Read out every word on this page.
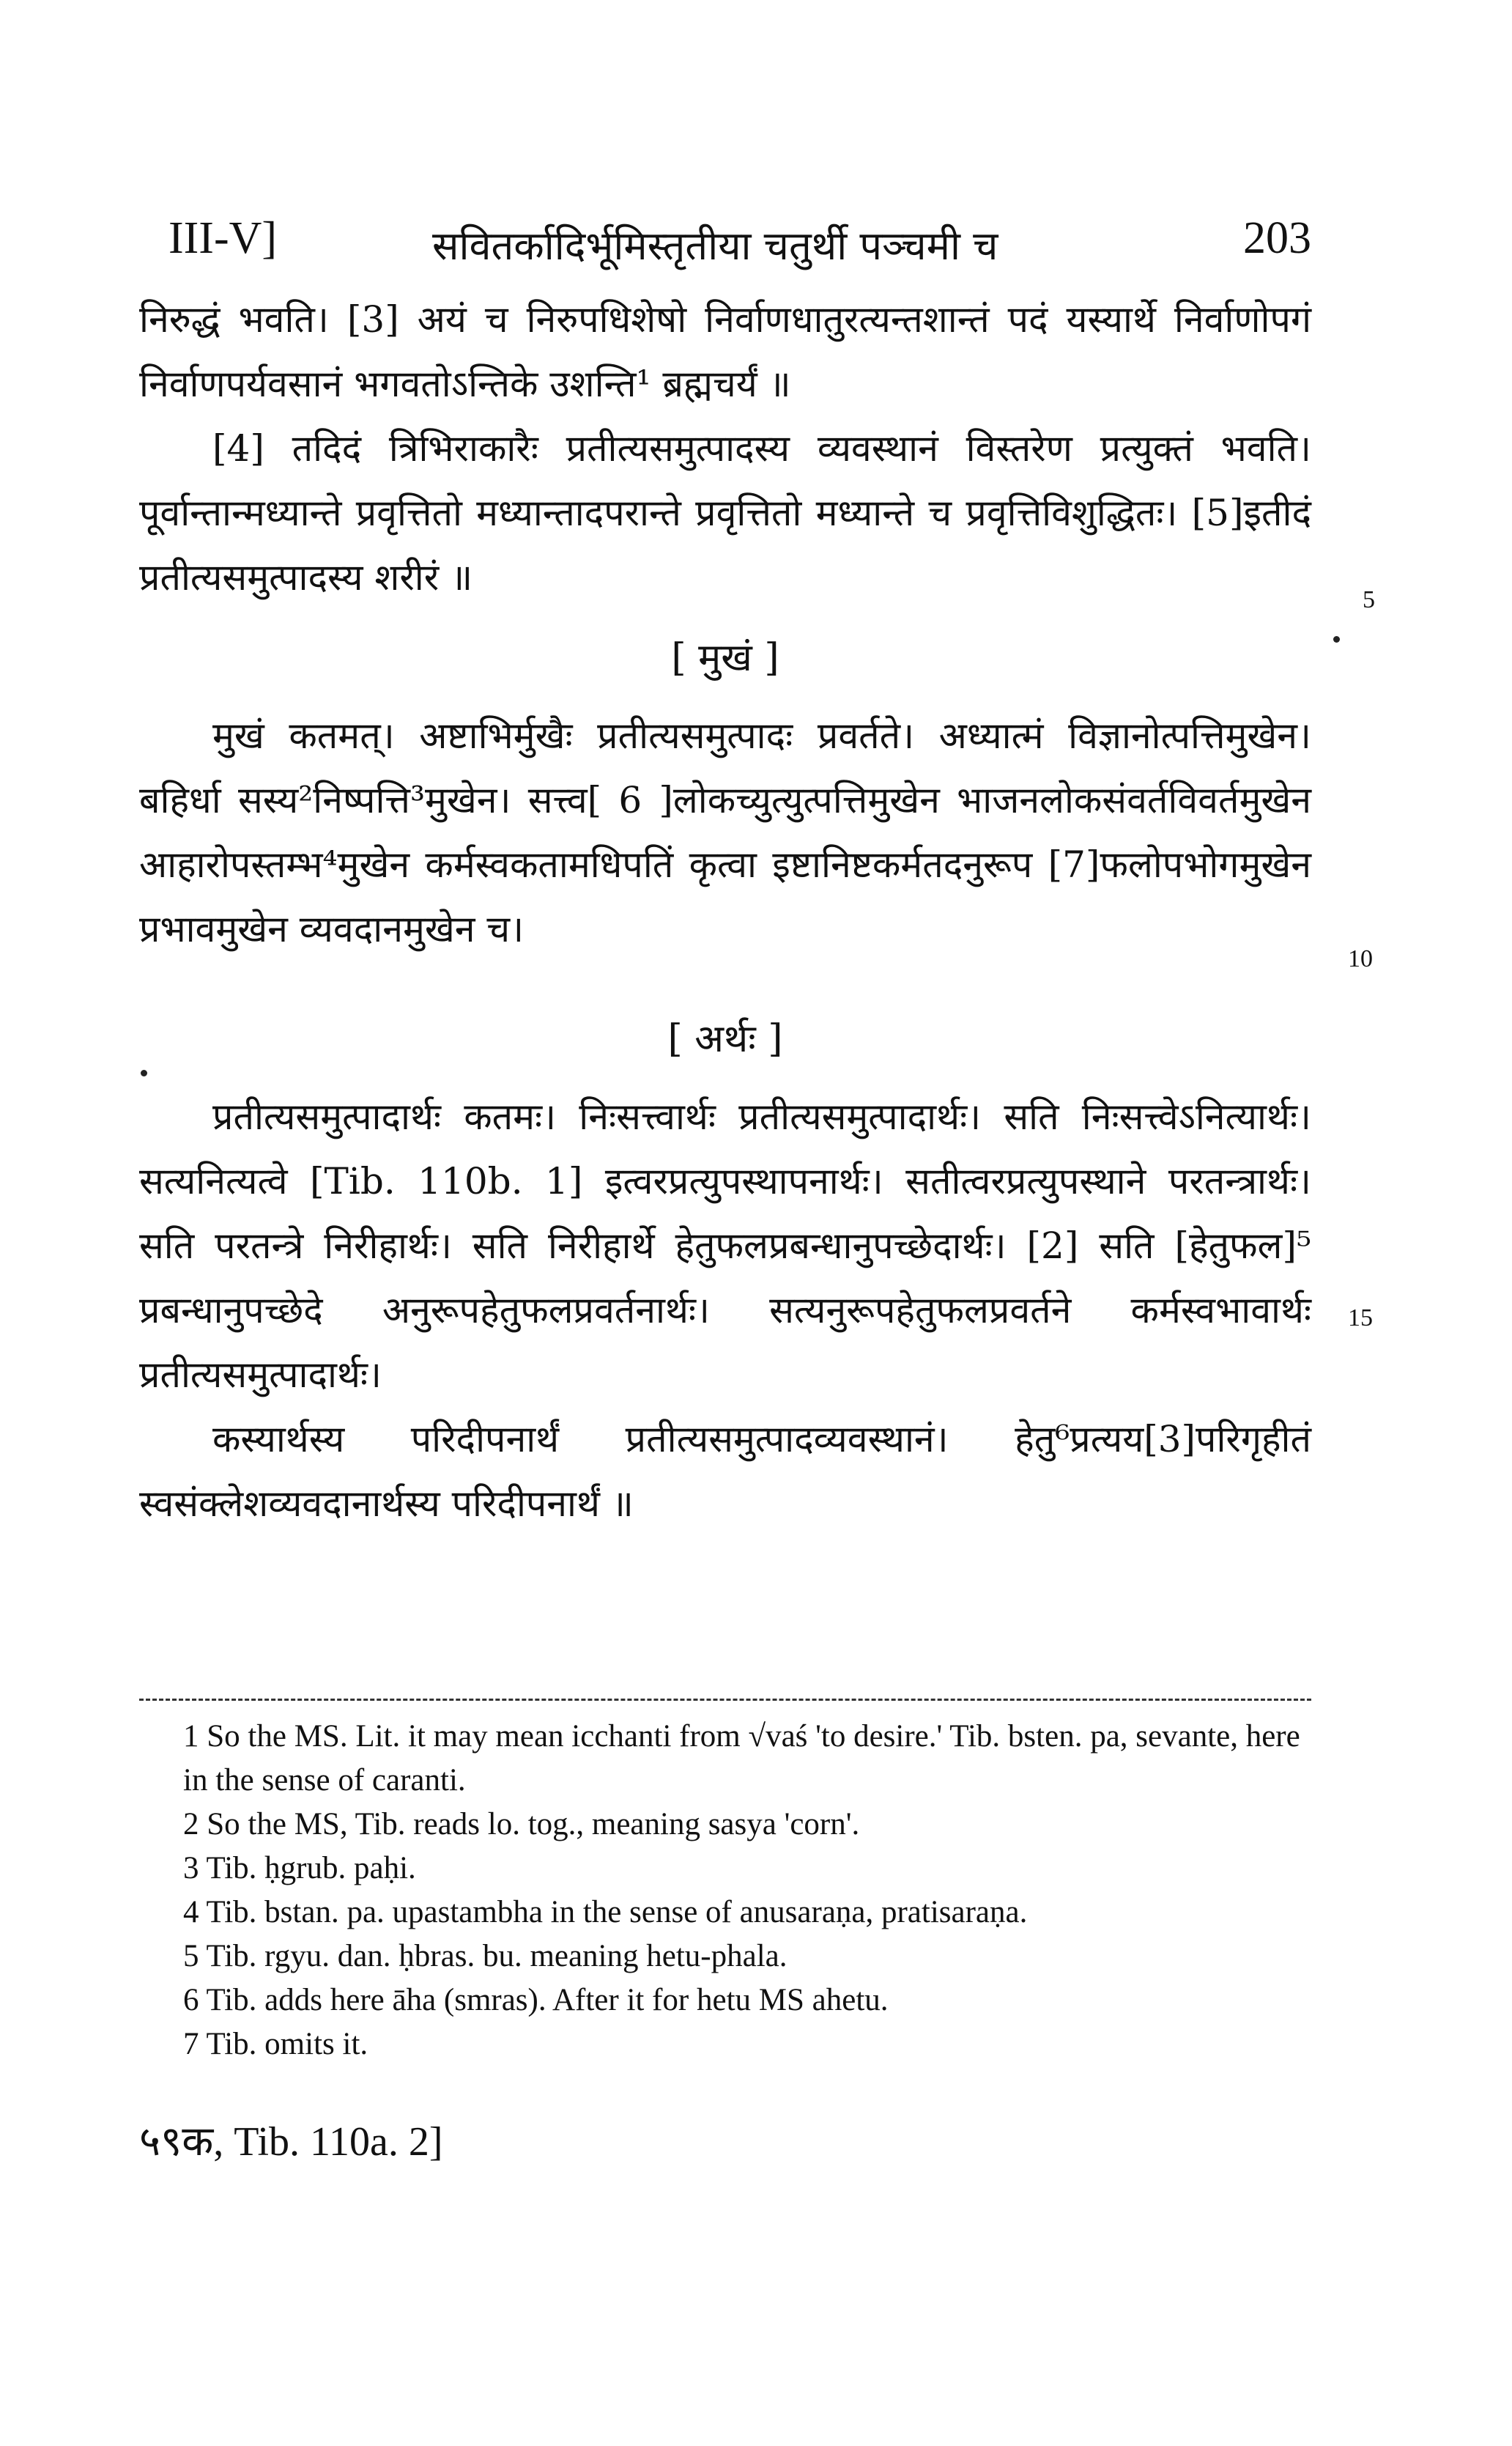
III-V]	सवितर्कादिर्भूमिस्तृतीया चतुर्थी पञ्चमी च	203

निरुद्धं भवति। [3] अयं च निरुपधिशेषो निर्वाणधातुरत्यन्तशान्तं पदं यस्यार्थे निर्वाणोपगं निर्वाणपर्यवसानं भगवतोऽन्तिके उशन्ति¹ ब्रह्मचर्यं ॥

[4] तदिदं त्रिभिराकारैः प्रतीत्यसमुत्पादस्य व्यवस्थानं विस्तरेण प्रत्युक्तं भवति। पूर्वान्तान्मध्यान्ते प्रवृत्तितो मध्यान्तादपरान्ते प्रवृत्तितो मध्यान्ते च प्रवृत्तिविशुद्धितः। [5]इतीदं प्रतीत्यसमुत्पादस्य शरीरं ॥

[ मुखं ]

मुखं कतमत्। अष्टाभिर्मुखैः प्रतीत्यसमुत्पादः प्रवर्तते। अध्यात्मं विज्ञानोत्पत्तिमुखेन। बहिर्धा सस्य²निष्पत्ति³मुखेन। सत्त्व[ 6 ]लोकच्युत्युत्पत्तिमुखेन भाजनलोकसंवर्तविवर्तमुखेन आहारोपस्तम्भ⁴मुखेन कर्मस्वकतामधिपतिं कृत्वा इष्टानिष्टकर्मतदनुरूप [7]फलोपभोगमुखेन प्रभावमुखेन व्यवदानमुखेन च।

[ अर्थः ]

प्रतीत्यसमुत्पादार्थः कतमः। निःसत्त्वार्थः प्रतीत्यसमुत्पादार्थः। सति निःसत्त्वेऽनित्यार्थः। सत्यनित्यत्वे [Tib. 110b. 1] इत्वरप्रत्युपस्थापनार्थः। सतीत्वरप्रत्युपस्थाने परतन्त्रार्थः। सति परतन्त्रे निरीहार्थः। सति निरीहार्थे हेतुफलप्रबन्धानुपच्छेदार्थः। [2] सति [हेतुफल]⁵ प्रबन्धानुपच्छेदे अनुरूपहेतुफलप्रवर्तनार्थः। सत्यनुरूपहेतुफलप्रवर्तने कर्मस्वभावार्थः प्रतीत्यसमुत्पादार्थः।

कस्यार्थस्य परिदीपनार्थं प्रतीत्यसमुत्पादव्यवस्थानं। हेतु⁶प्रत्यय[3]परिगृहीतं स्वसंक्लेशव्यवदानार्थस्य परिदीपनार्थं ॥

5
10
15

1 So the MS. Lit. it may mean icchanti from √vaś 'to desire.' Tib. bsten. pa, sevante, here in the sense of caranti.

2 So the MS, Tib. reads lo. tog., meaning sasya 'corn'.

3 Tib. ḥgrub. paḥi.

4 Tib. bstan. pa. upastambha in the sense of anusaraṇa, pratisaraṇa.

5 Tib. rgyu. dan. ḥbras. bu. meaning hetu-phala.

6 Tib. adds here āha (smras). After it for hetu MS ahetu.

7 Tib. omits it.

५९क, Tib. 110a. 2]
